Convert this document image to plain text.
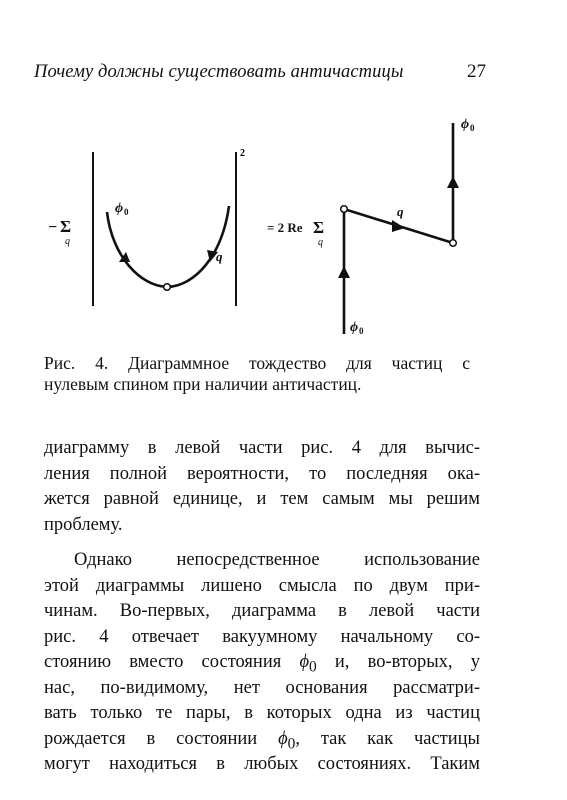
Почему должны существовать античастицы	27
− Σ
q
2
ϕ 0
q
= 2 Re Σ
q
ϕ 0
q
ϕ 0
Рис. 4. Диаграммное тождество для частиц с
нулевым спином при наличии античастиц.
диаграмму в левой части рис. 4 для вычис-
ления полной вероятности, то последняя ока-
жется равной единице, и тем самым мы решим
проблему.
Однако непосредственное использование
этой диаграммы лишено смысла по двум при-
чинам. Во-первых, диаграмма в левой части
рис. 4 отвечает вакуумному начальному со-
стоянию вместо состояния $\phi_0$ и, во-вторых, у
нас, по-видимому, нет основания рассматри-
вать только те пары, в которых одна из частиц
рождается в состоянии $\phi_0$, так как частицы
могут находиться в любых состояниях. Таким
